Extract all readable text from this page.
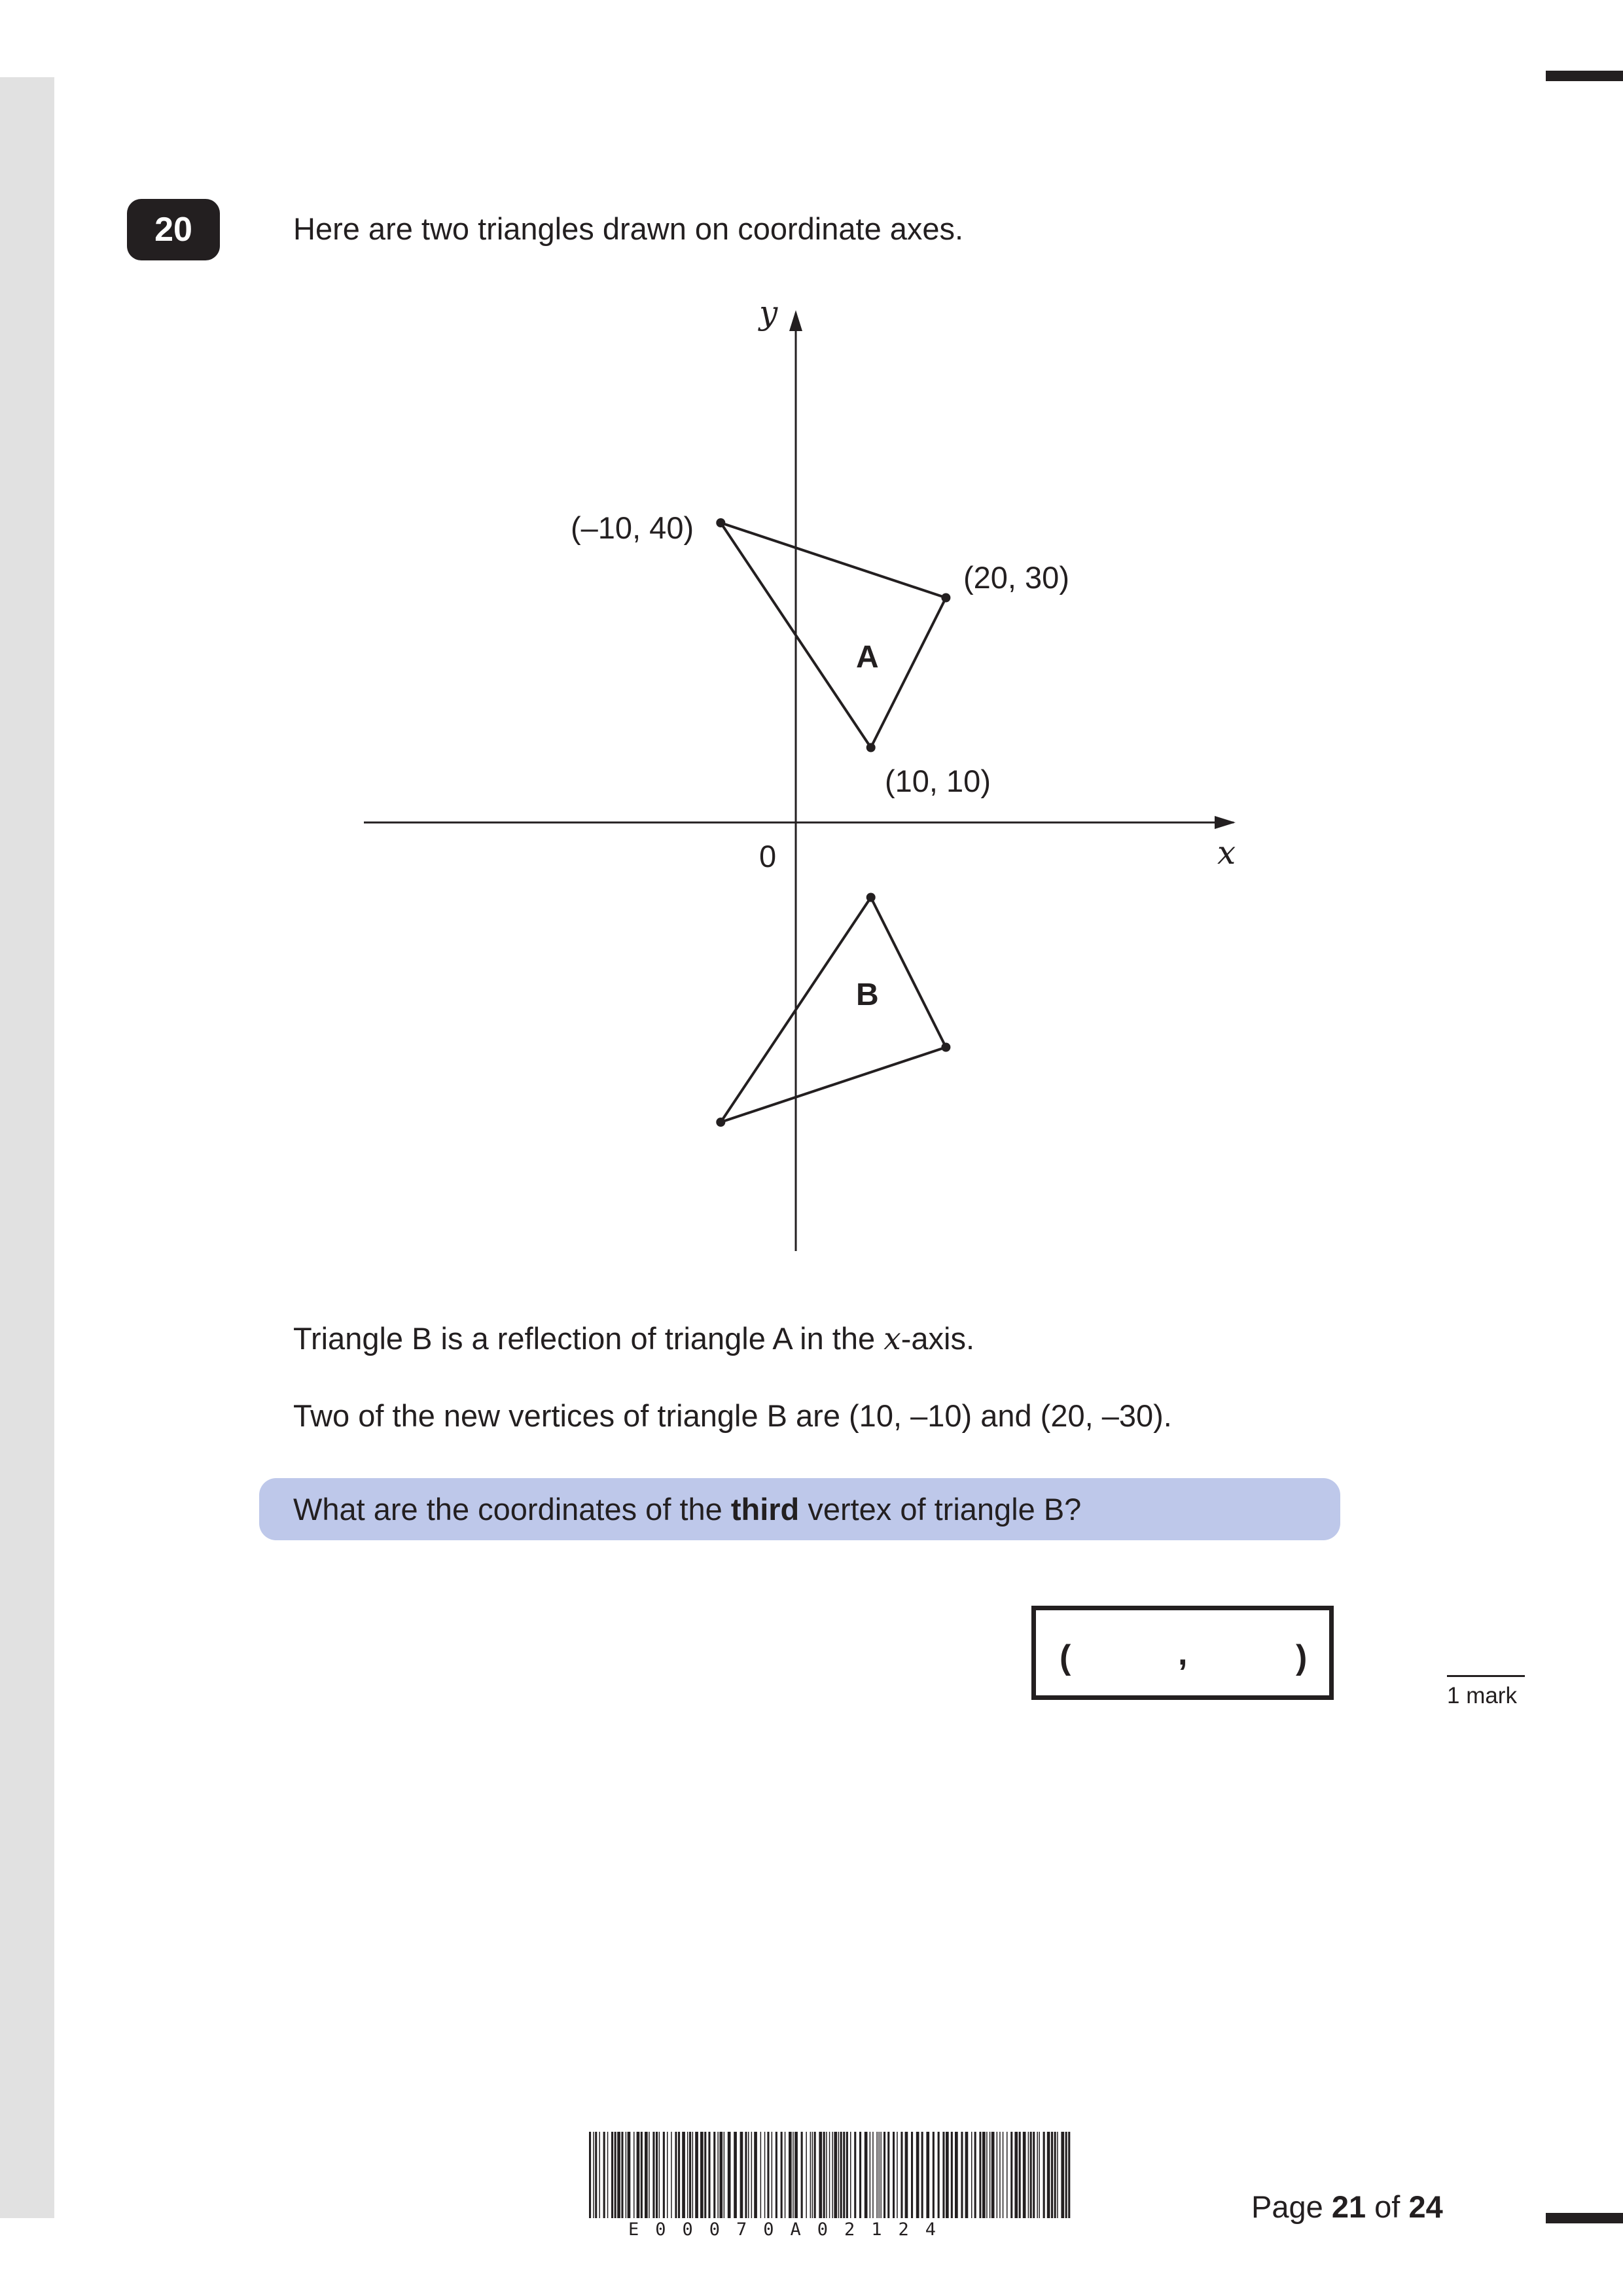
20	Here are two triangles drawn on coordinate axes.
x
y
0
A
B
(–10, 40)
(20, 30)
(10, 10)
Triangle B is a reflection of triangle A in the x-axis.
Two of the new vertices of triangle B are (10, –10) and (20, –30).
What are the coordinates of the third vertex of triangle B?
(	,	)
1 mark
E00070A02124
Page 21 of 24
